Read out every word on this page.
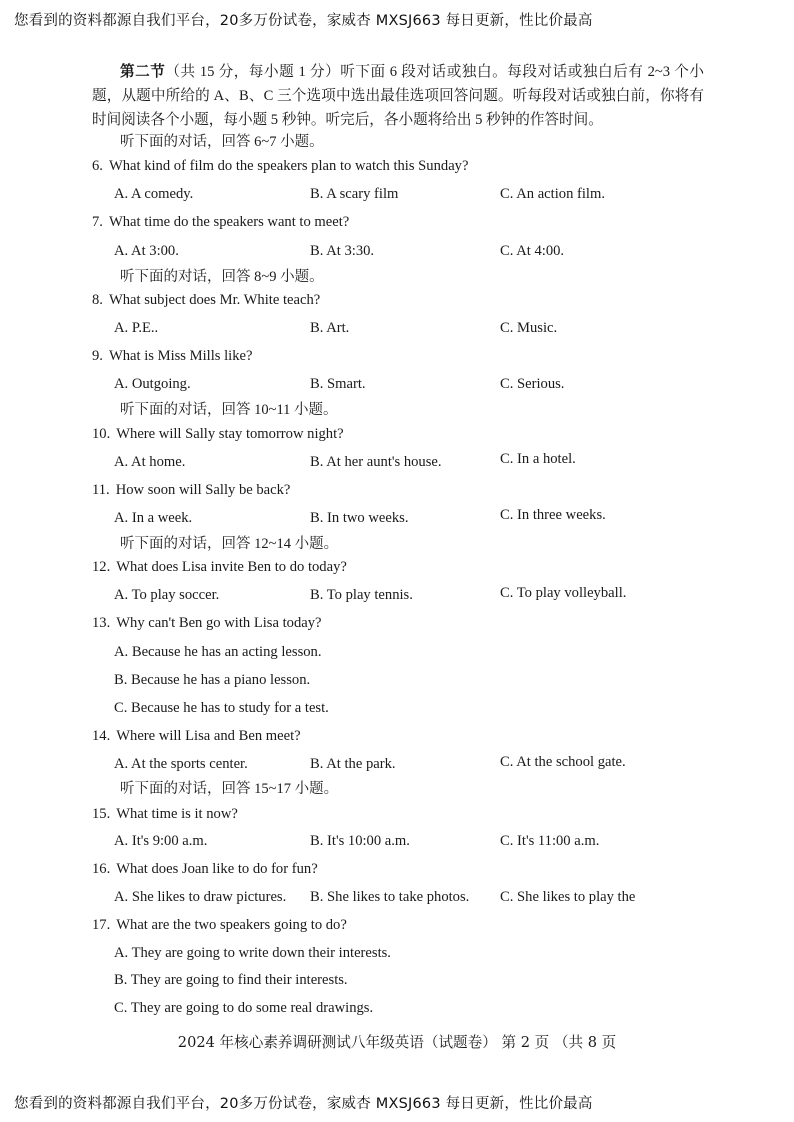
您看到的资料都源自我们平台，20多万份试卷，家威杏 MXSJ663 每日更新，性比价最高
第二节（共 15 分，每小题 1 分）听下面 6 段对话或独白。每段对话或独白后有 2~3 个小题，从题中所给的 A、B、C 三个选项中选出最佳选项回答问题。听每段对话或独白前，你将有时间阅读各个小题，每小题 5 秒钟。听完后，各小题将给出 5 秒钟的作答时间。
听下面的对话，回答 6~7 小题。
6. What kind of film do the speakers plan to watch this Sunday?
A. A comedy.	B. A scary film	C. An action film.
7. What time do the speakers want to meet?
A. At 3:00.	B. At 3:30.	C. At 4:00.
听下面的对话，回答 8~9 小题。
8. What subject does Mr. White teach?
A. P.E..	B. Art.	C. Music.
9. What is Miss Mills like?
A. Outgoing.	B. Smart.	C. Serious.
听下面的对话，回答 10~11 小题。
10. Where will Sally stay tomorrow night?
A. At home.	B. At her aunt's house.	C. In a hotel.
11. How soon will Sally be back?
A. In a week.	B. In two weeks.	C. In three weeks.
听下面的对话，回答 12~14 小题。
12. What does Lisa invite Ben to do today?
A. To play soccer.	B. To play tennis.	C. To play volleyball.
13. Why can't Ben go with Lisa today?
A. Because he has an acting lesson.
B. Because he has a piano lesson.
C. Because he has to study for a test.
14. Where will Lisa and Ben meet?
A. At the sports center.	B. At the park.	C. At the school gate.
听下面的对话，回答 15~17 小题。
15. What time is it now?
A. It's 9:00 a.m.	B. It's 10:00 a.m.	C. It's 11:00 a.m.
16. What does Joan like to do for fun?
A. She likes to draw pictures. B. She likes to take photos. C. She likes to play the
17. What are the two speakers going to do?
A. They are going to write down their interests.
B. They are going to find their interests.
C. They are going to do some real drawings.
2024 年核心素养调研测试八年级英语（试题卷） 第 2 页 （共 8 页
您看到的资料都源自我们平台，20多万份试卷，家威杏 MXSJ663 每日更新，性比价最高
